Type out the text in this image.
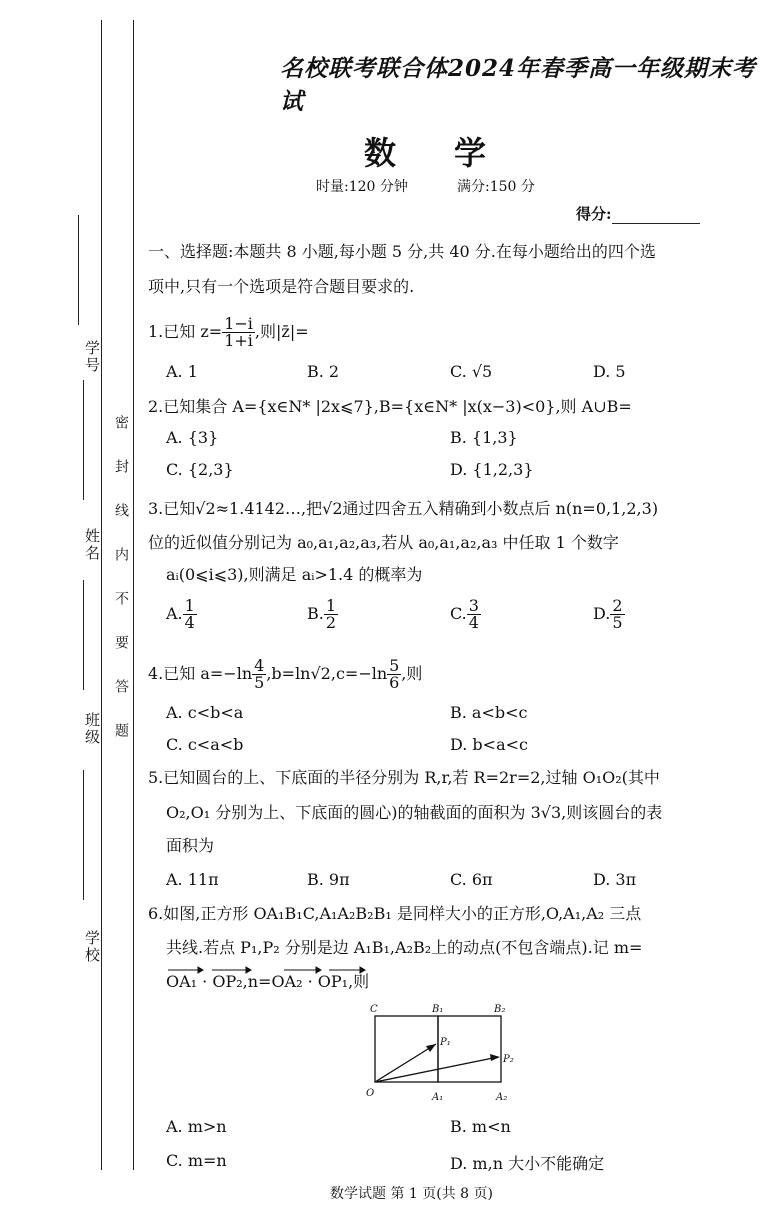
学号
姓名
班级
学校
密封线内不要答题
名校联考联合体2024年春季高一年级期末考试
数学
时量:120 分钟	满分:150 分
得分:
一、选择题:本题共 8 小题,每小题 5 分,共 40 分.在每小题给出的四个选
项中,只有一个选项是符合题目要求的.
1.已知 $z= \frac{1-i}{1+i}$ ,则|z̄|=
A. 1	B. 2	C. √5	D. 5
2.已知集合 A={x∈N* |2x⩽7},B={x∈N* |x(x−3)<0},则 A∪B=
A. {3}	B. {1,3}
C. {2,3}	D. {1,2,3}
3.已知√2≈1.4142…,把√2通过四舍五入精确到小数点后 n(n=0,1,2,3)
位的近似值分别记为 a₀,a₁,a₂,a₃,若从 a₀,a₁,a₂,a₃ 中任取 1 个数字
aᵢ(0⩽i⩽3),则满足 aᵢ>1.4 的概率为
A. $\frac{1}{4}$	B. $\frac{1}{2}$	C. $\frac{3}{4}$	D. $\frac{2}{5}$
4.已知 $a=-\ln \frac{4}{5} ,b=\ln√2,c=-\ln \frac{5}{6}$ ,则
A. c<b<a	B. a<b<c
C. c<a<b	D. b<a<c
5.已知圆台的上、下底面的半径分别为 R,r,若 R=2r=2,过轴 O₁O₂(其中
O₂,O₁ 分别为上、下底面的圆心)的轴截面的面积为 3√3,则该圆台的表
面积为
A. 11π	B. 9π	C. 6π	D. 3π
6.如图,正方形 OA₁B₁C,A₁A₂B₂B₁ 是同样大小的正方形,O,A₁,A₂ 三点
共线.若点 P₁,P₂ 分别是边 A₁B₁,A₂B₂上的动点(不包含端点).记 m=
OA₁ · OP₂,n=OA₂ · OP₁,则
C	B₁	B₂
P₁
P₂
O	A₁	A₂
A. m>n	B. m<n
C. m=n	D. m,n 大小不能确定
数学试题 第 1 页(共 8 页)
